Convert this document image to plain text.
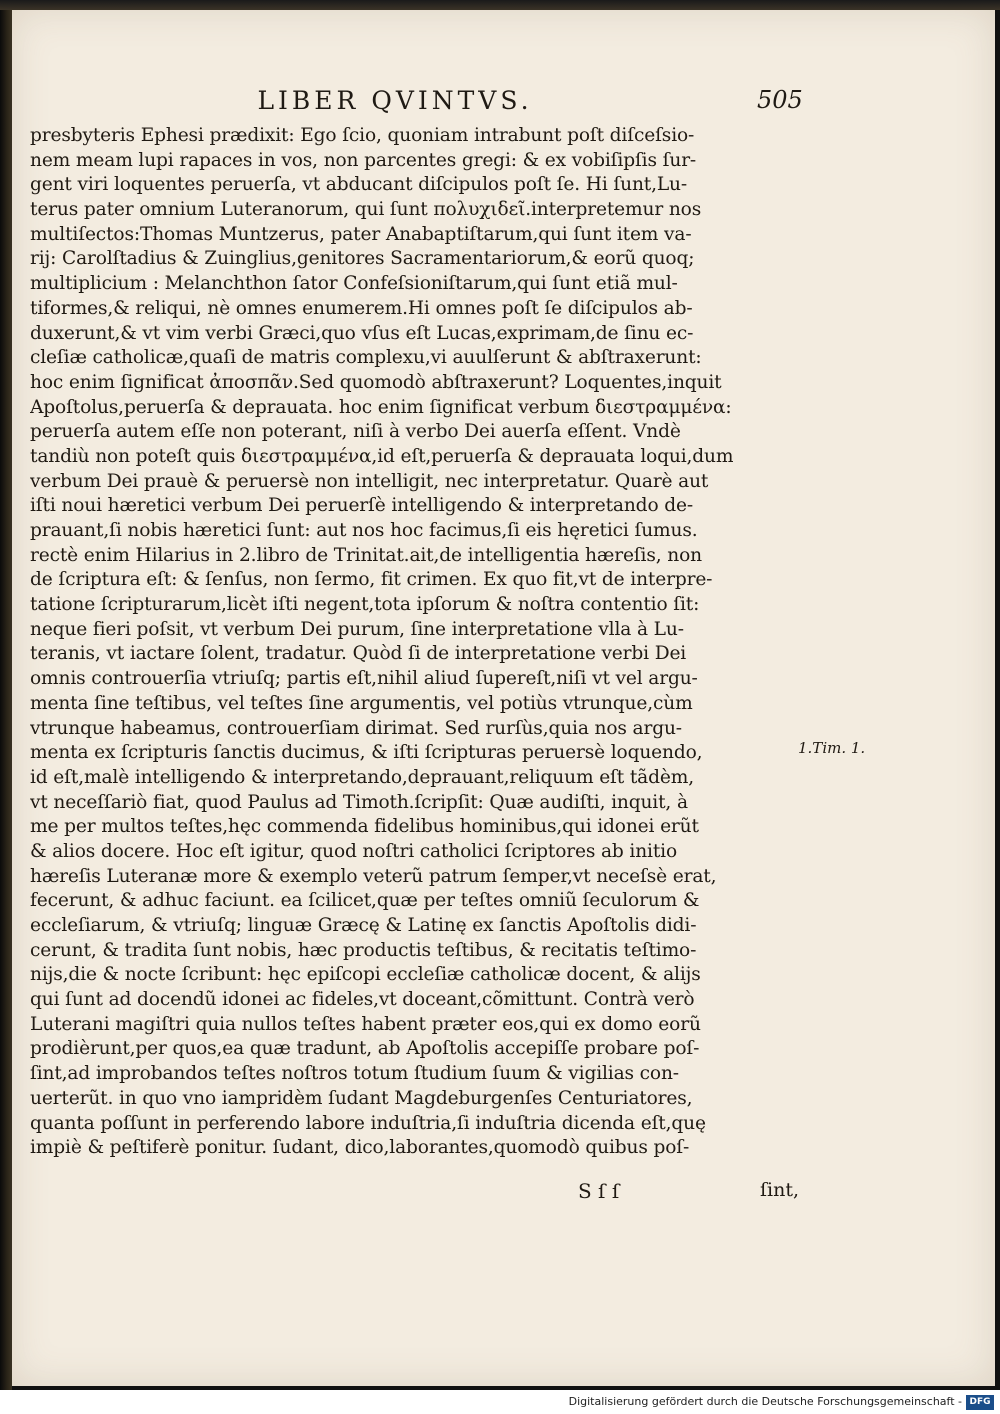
LIBER QVINTVS.	505
presbyteris Ephesi prædixit: Ego ſcio, quoniam intrabunt poſt diſceſsio-
nem meam lupi rapaces in vos, non parcentes gregi: & ex vobiſipſis ſur-
gent viri loquentes peruerſa, vt abducant diſcipulos poſt ſe. Hi ſunt,Lu-
terus pater omnium Luteranorum, qui ſunt πολυχιδεῖ.interpretemur nos
multiſectos:Thomas Muntzerus, pater Anabaptiſtarum,qui ſunt item va-
rij: Carolſtadius & Zuinglius,genitores Sacramentariorum,& eorũ quoq;
multiplicium : Melanchthon ſator Confeſsioniſtarum,qui ſunt etiã mul-
tiformes,& reliqui, nè omnes enumerem.Hi omnes poſt ſe diſcipulos ab-
duxerunt,& vt vim verbi Græci,quo vſus eſt Lucas,exprimam,de ſinu ec-
cleſiæ catholicæ,quaſi de matris complexu,vi auulſerunt & abſtraxerunt:
hoc enim ſignificat ἀποσπᾶν.Sed quomodò abſtraxerunt? Loquentes,inquit
Apoſtolus,peruerſa & deprauata. hoc enim ſignificat verbum διεστραμμένα:
peruerſa autem eſſe non poterant, niſi à verbo Dei auerſa eſſent. Vndè
tandiù non poteſt quis διεστραμμένα,id eſt,peruerſa & deprauata loqui,dum
verbum Dei prauè & peruersè non intelligit, nec interpretatur. Quarè aut
iſti noui hæretici verbum Dei peruerſè intelligendo & interpretando de-
prauant,ſi nobis hæretici ſunt: aut nos hoc facimus,ſi eis hęretici ſumus.
rectè enim Hilarius in 2.libro de Trinitat.ait,de intelligentia hæreſis, non
de ſcriptura eſt: & ſenſus, non ſermo, fit crimen. Ex quo fit,vt de interpre-
tatione ſcripturarum,licèt iſti negent,tota ipſorum & noſtra contentio ſit:
neque fieri poſsit, vt verbum Dei purum, ſine interpretatione vlla à Lu-
teranis, vt iactare ſolent, tradatur. Quòd ſi de interpretatione verbi Dei
omnis controuerſia vtriuſq; partis eſt,nihil aliud ſupereſt,niſi vt vel argu-
menta ſine teſtibus, vel teſtes ſine argumentis, vel potiùs vtrunque,cùm
vtrunque habeamus, controuerſiam dirimat. Sed rurſùs,quia nos argu-
menta ex ſcripturis ſanctis ducimus, & iſti ſcripturas peruersè loquendo,
id eſt,malè intelligendo & interpretando,deprauant,reliquum eſt tãdèm,
vt neceſſariò fiat, quod Paulus ad Timoth.ſcripſit: Quæ audiſti, inquit, à
me per multos teſtes,hęc commenda fidelibus hominibus,qui idonei erũt
& alios docere. Hoc eſt igitur, quod noſtri catholici ſcriptores ab initio
hæreſis Luteranæ more & exemplo veterũ patrum ſemper,vt neceſsè erat,
fecerunt, & adhuc faciunt. ea ſcilicet,quæ per teſtes omniũ ſeculorum &
eccleſiarum, & vtriuſq; linguæ Græcę & Latinę ex ſanctis Apoſtolis didi-
cerunt, & tradita ſunt nobis, hæc productis teſtibus, & recitatis teſtimo-
nijs,die & nocte ſcribunt: hęc epiſcopi eccleſiæ catholicæ docent, & alijs
qui ſunt ad docendũ idonei ac fideles,vt doceant,cõmittunt. Contrà verò
Luterani magiſtri quia nullos teſtes habent præter eos,qui ex domo eorũ
prodièrunt,per quos,ea quæ tradunt, ab Apoſtolis accepiſſe probare poſ-
ſint,ad improbandos teſtes noſtros totum ſtudium ſuum & vigilias con-
uerterũt. in quo vno iampridèm ſudant Magdeburgenſes Centuriatores,
quanta poſſunt in perferendo labore induſtria,ſi induſtria dicenda eſt,quę
impiè & peſtiferè ponitur. ſudant, dico,laborantes,quomodò quibus poſ-
1.Tim. 1.
S ſ ſ	ſint,
Digitalisierung gefördert durch die Deutsche Forschungsgemeinschaft - DFG
